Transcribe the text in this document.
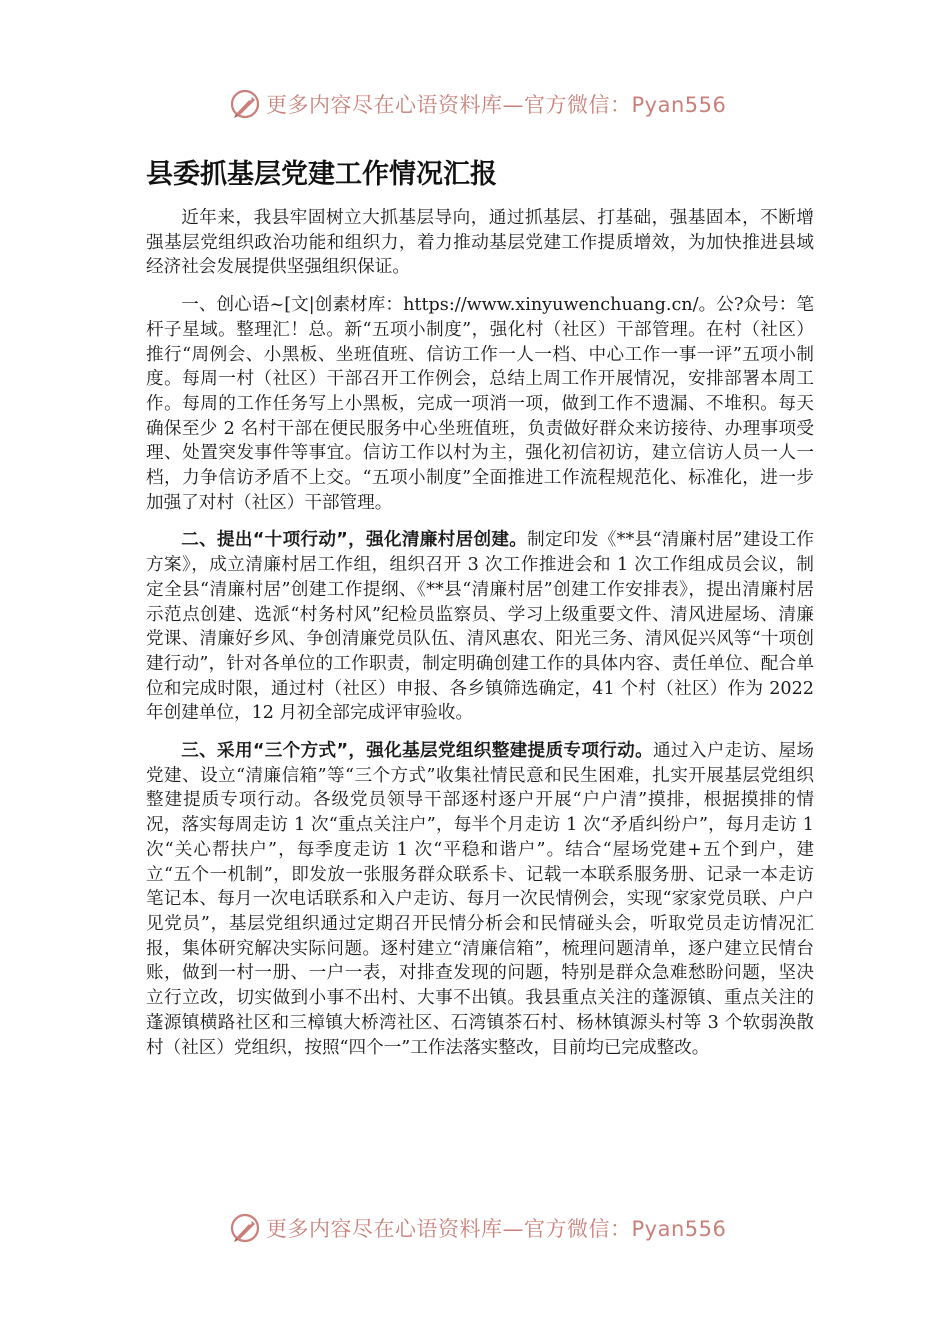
更多内容尽在心语资料库—官方微信：Pyan556
县委抓基层党建工作情况汇报

近年来，我县牢固树立大抓基层导向，通过抓基层、打基础，强基固本，不断增强基层党组织政治功能和组织力，着力推动基层党建工作提质增效，为加快推进县域经济社会发展提供坚强组织保证。

一、创心语~[文|创素材库：https://www.xinyuwenchuang.cn/。公?众号：笔杆子星域。整理汇！总。新“五项小制度”，强化村（社区）干部管理。在村（社区）推行“周例会、小黑板、坐班值班、信访工作一人一档、中心工作一事一评”五项小制度。每周一村（社区）干部召开工作例会，总结上周工作开展情况，安排部署本周工作。每周的工作任务写上小黑板，完成一项消一项，做到工作不遗漏、不堆积。每天确保至少 2 名村干部在便民服务中心坐班值班，负责做好群众来访接待、办理事项受理、处置突发事件等事宜。信访工作以村为主，强化初信初访，建立信访人员一人一档，力争信访矛盾不上交。“五项小制度”全面推进工作流程规范化、标准化，进一步加强了对村（社区）干部管理。

二、提出“十项行动”，强化清廉村居创建。制定印发《**县“清廉村居”建设工作方案》，成立清廉村居工作组，组织召开 3 次工作推进会和 1 次工作组成员会议，制定全县“清廉村居”创建工作提纲、《**县“清廉村居”创建工作安排表》，提出清廉村居示范点创建、选派“村务村风”纪检员监察员、学习上级重要文件、清风进屋场、清廉党课、清廉好乡风、争创清廉党员队伍、清风惠农、阳光三务、清风促兴风等“十项创建行动”，针对各单位的工作职责，制定明确创建工作的具体内容、责任单位、配合单位和完成时限，通过村（社区）申报、各乡镇筛选确定，41 个村（社区）作为 2022 年创建单位，12 月初全部完成评审验收。

三、采用“三个方式”，强化基层党组织整建提质专项行动。通过入户走访、屋场党建、设立“清廉信箱”等“三个方式”收集社情民意和民生困难，扎实开展基层党组织整建提质专项行动。各级党员领导干部逐村逐户开展“户户清”摸排，根据摸排的情况，落实每周走访 1 次“重点关注户”，每半个月走访 1 次“矛盾纠纷户”，每月走访 1 次“关心帮扶户”，每季度走访 1 次“平稳和谐户”。结合“屋场党建+五个到户，建立“五个一机制”，即发放一张服务群众联系卡、记载一本联系服务册、记录一本走访笔记本、每月一次电话联系和入户走访、每月一次民情例会，实现“家家党员联、户户见党员”，基层党组织通过定期召开民情分析会和民情碰头会，听取党员走访情况汇报，集体研究解决实际问题。逐村建立“清廉信箱”，梳理问题清单，逐户建立民情台账，做到一村一册、一户一表，对排查发现的问题，特别是群众急难愁盼问题，坚决立行立改，切实做到小事不出村、大事不出镇。我县重点关注的蓬源镇、重点关注的蓬源镇横路社区和三樟镇大桥湾社区、石湾镇茶石村、杨林镇源头村等 3 个软弱涣散村（社区）党组织，按照“四个一”工作法落实整改，目前均已完成整改。

更多内容尽在心语资料库—官方微信：Pyan556
